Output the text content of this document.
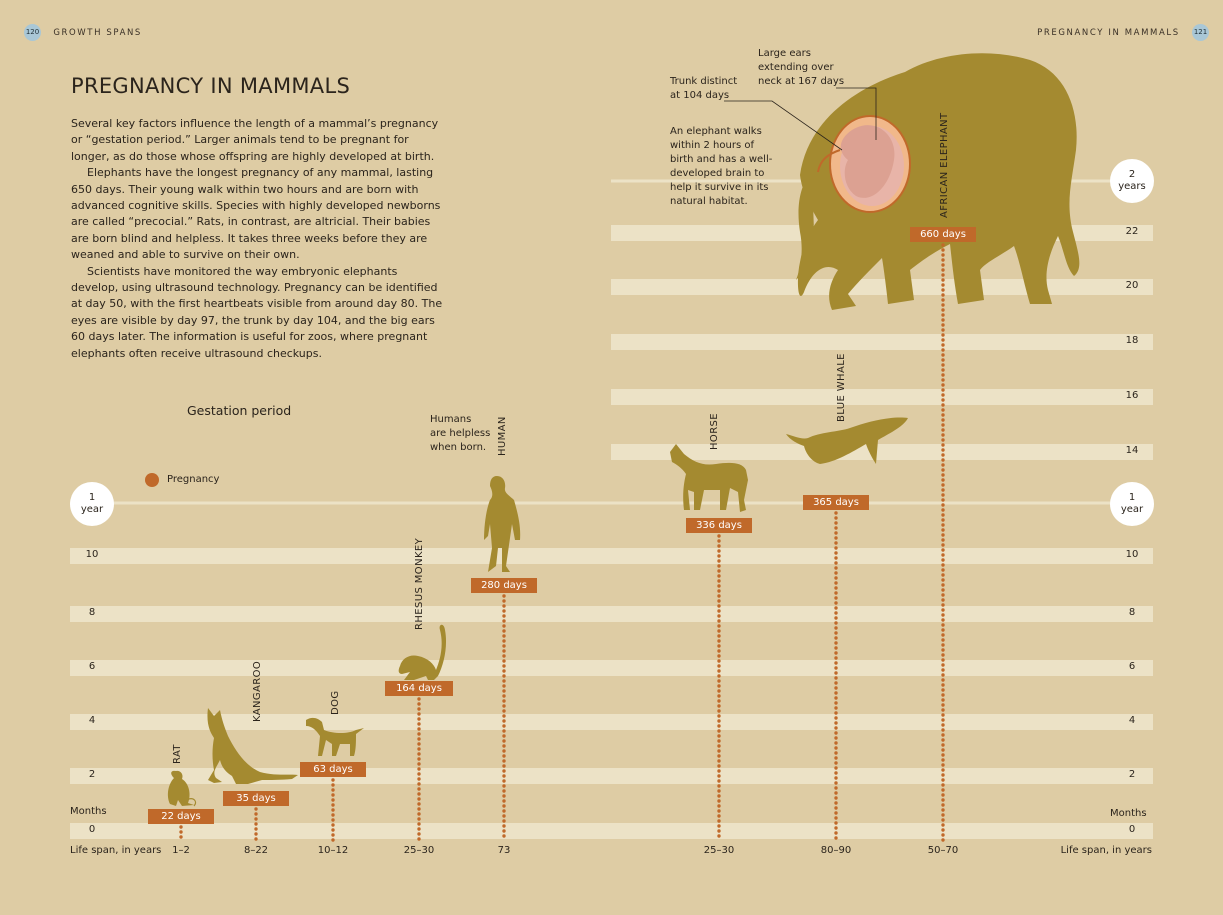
120 GROWTH SPANS	PREGNANCY IN MAMMALS 121
PREGNANCY IN MAMMALS

Several key factors influence the length of a mammal’s pregnancy or “gestation period.” Larger animals tend to be pregnant for longer, as do those whose offspring are highly developed at birth.

Elephants have the longest pregnancy of any mammal, lasting 650 days. Their young walk within two hours and are born with advanced cognitive skills. Species with highly developed newborns are called “precocial.” Rats, in contrast, are altricial. Their babies are born blind and helpless. It takes three weeks before they are weaned and able to survive on their own.

Scientists have monitored the way embryonic elephants develop, using ultrasound technology. Pregnancy can be identified at day 50, with the first heartbeats visible from around day 80. The eyes are visible by day 97, the trunk by day 104, and the big ears 60 days later. The information is useful for zoos, where pregnant elephants often receive ultrasound checkups.

Gestation period
Pregnancy
1
year
1
year
2
years
Months	Months
Life span, in years	Life span, in years
Large ears
extending over
neck at 167 days
Trunk distinct
at 104 days
An elephant walks
within 2 hours of
birth and has a well-
developed brain to
help it survive in its
natural habitat.
Humans
are helpless
when born.
0
2
4
6
8
10
0
2
4
6
8
10
14
16
18
20
22
22 days
RAT
1–2
35 days
KANGAROO
8–22
63 days
DOG
10–12
164 days
RHESUS MONKEY
25–30
280 days
HUMAN
73
336 days
HORSE
25–30
365 days
BLUE WHALE
80–90
660 days
AFRICAN ELEPHANT
50–70
